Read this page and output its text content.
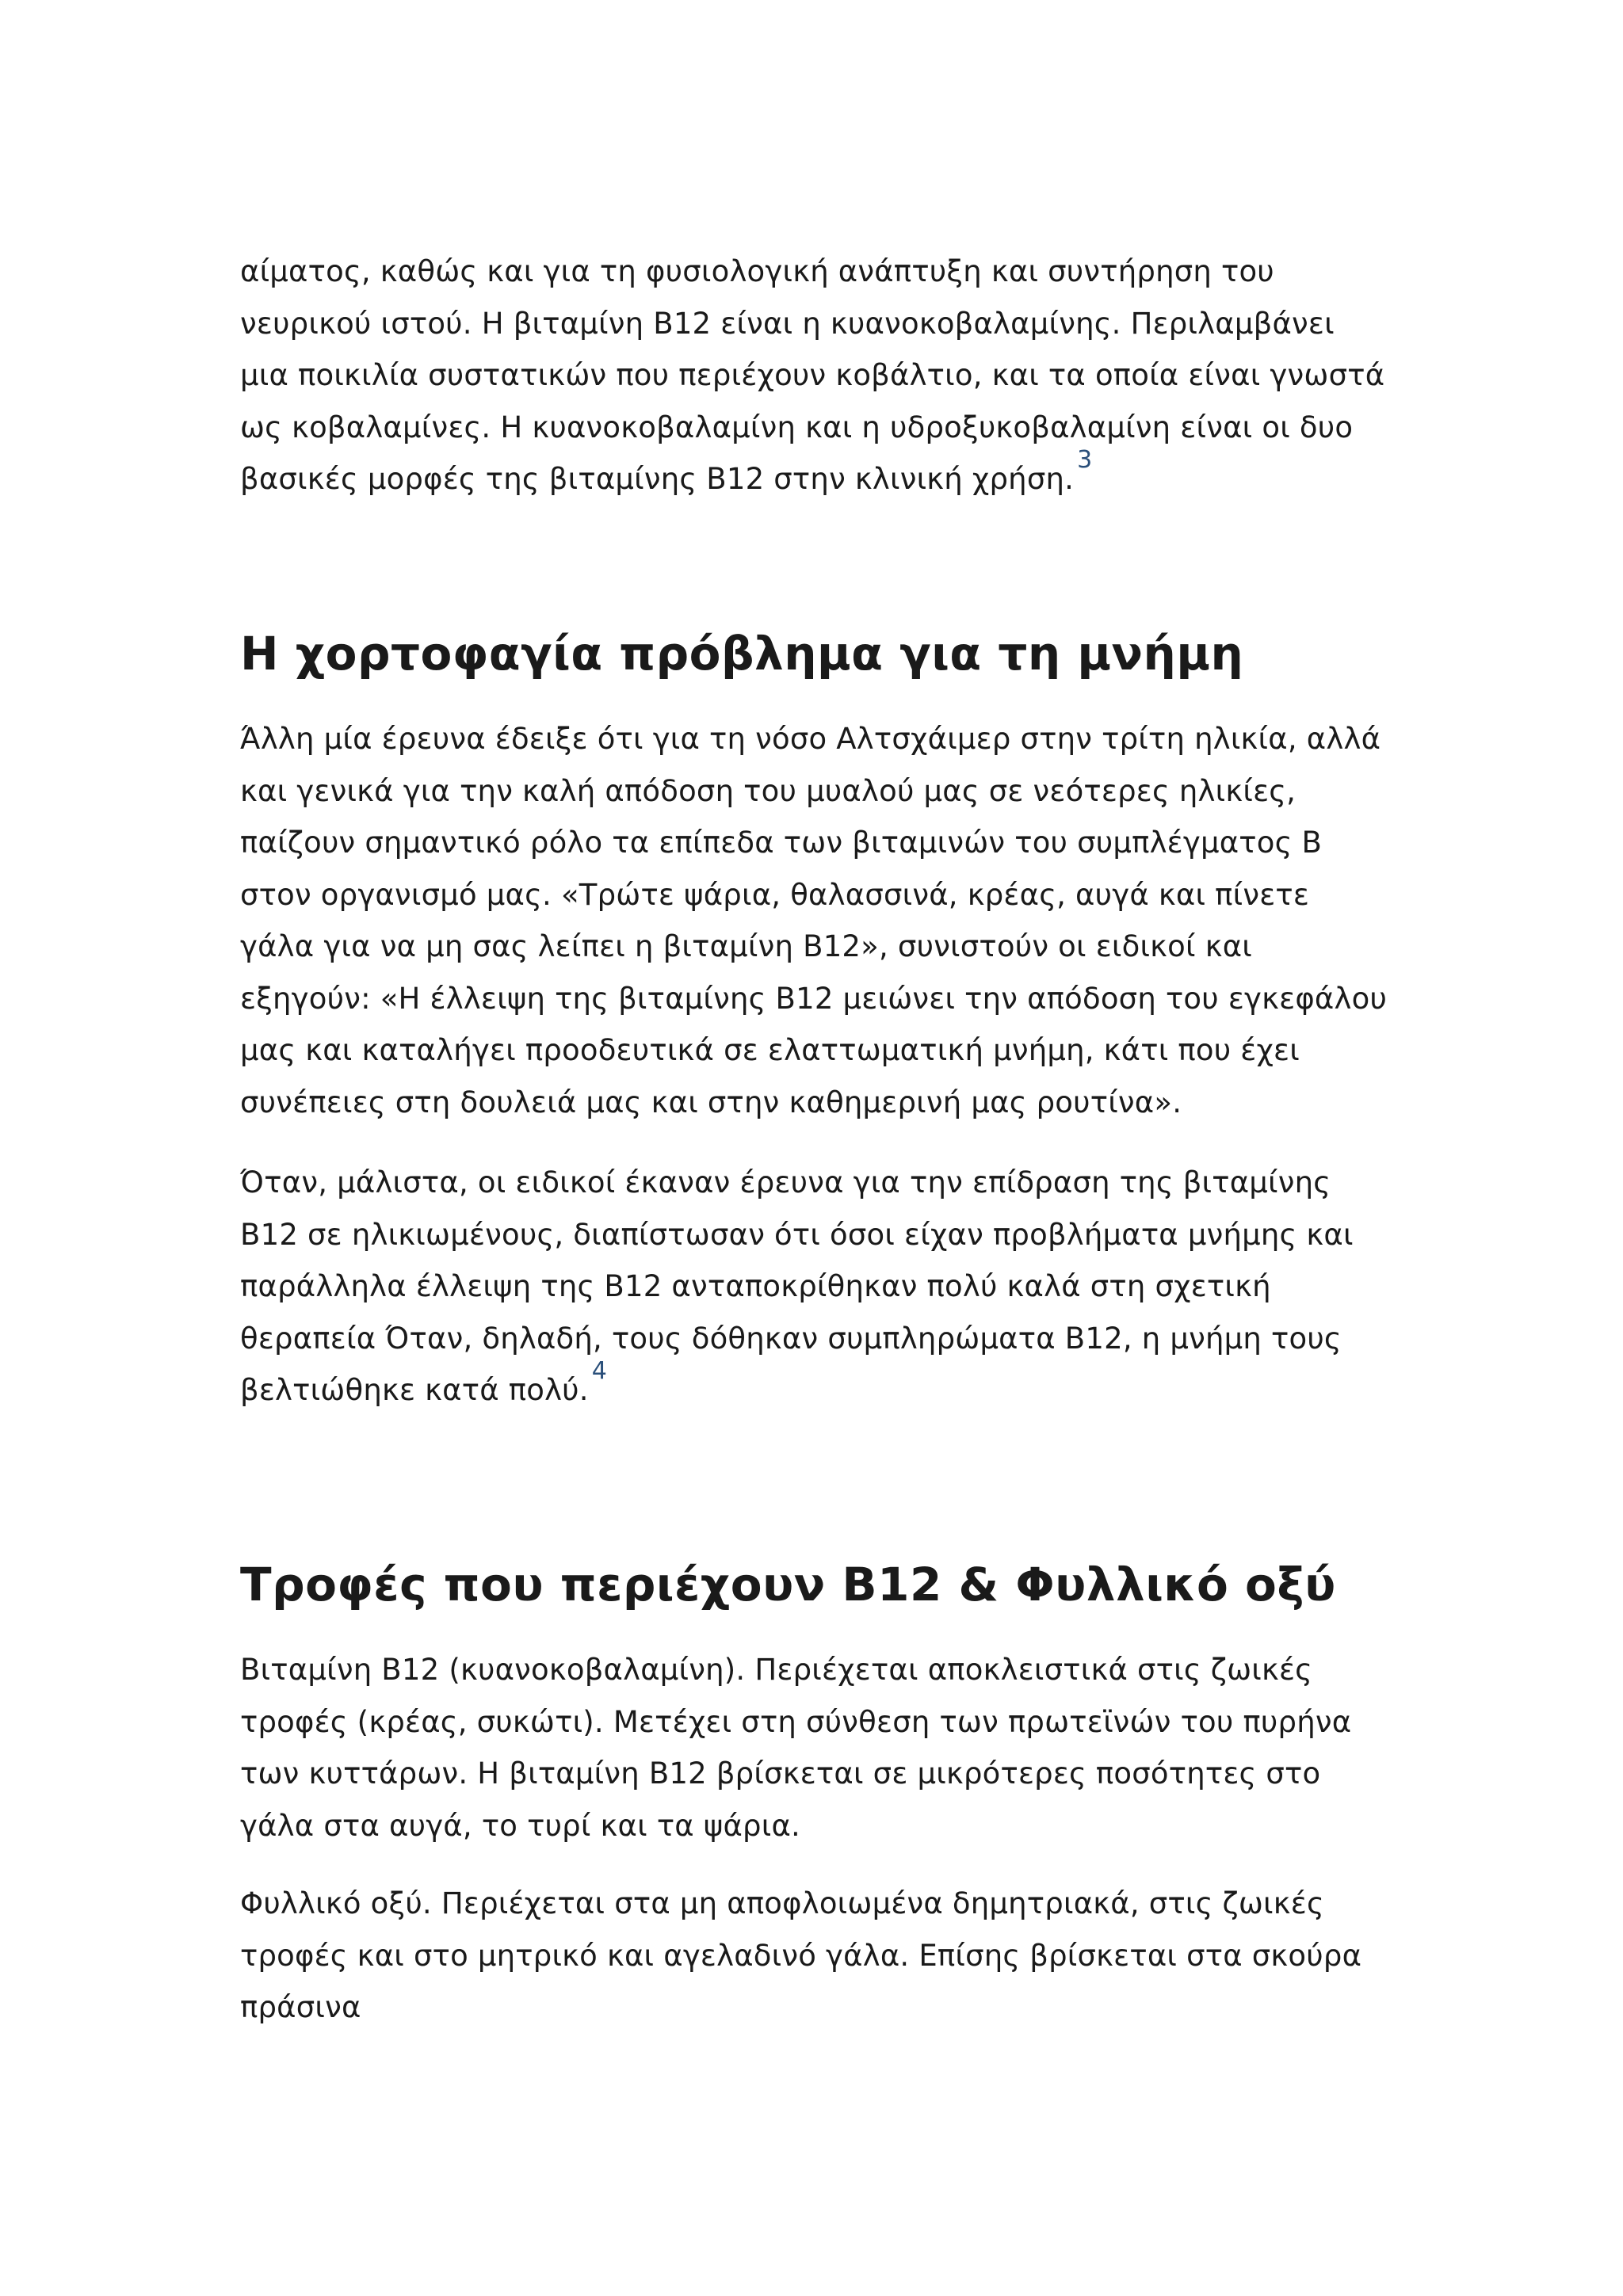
αίματος, καθώς και για τη φυσιολογική ανάπτυξη και συντήρηση του νευρικού ιστού. Η βιταμίνη B12 είναι η κυανοκοβαλαμίνης. Περιλαμβάνει μια ποικιλία συστατικών που περιέχουν κοβάλτιο, και τα οποία είναι γνωστά ως κοβαλαμίνες. Η κυανοκοβαλαμίνη και η υδροξυκοβαλαμίνη είναι οι δυο βασικές μορφές της βιταμίνης B12 στην κλινική χρήση.$^3$

Η χορτοφαγία πρόβλημα για τη μνήμη

Άλλη μία έρευνα έδειξε ότι για τη νόσο Αλτσχάιμερ στην τρίτη ηλικία, αλλά και γενικά για την καλή απόδοση του μυαλού μας σε νεότερες ηλικίες, παίζουν σημαντικό ρόλο τα επίπεδα των βιταμινών του συμπλέγματος B στον οργανισμό μας. «Τρώτε ψάρια, θαλασσινά, κρέας, αυγά και πίνετε γάλα για να μη σας λείπει η βιταμίνη B12», συνιστούν οι ειδικοί και εξηγούν: «Η έλλειψη της βιταμίνης B12 μειώνει την απόδοση του εγκεφάλου μας και καταλήγει προοδευτικά σε ελαττωματική μνήμη, κάτι που έχει συνέπειες στη δουλειά μας και στην καθημερινή μας ρουτίνα».

Όταν, μάλιστα, οι ειδικοί έκαναν έρευνα για την επίδραση της βιταμίνης B12 σε ηλικιωμένους, διαπίστωσαν ότι όσοι είχαν προβλήματα μνήμης και παράλληλα έλλειψη της B12 ανταποκρίθηκαν πολύ καλά στη σχετική θεραπεία Όταν, δηλαδή, τους δόθηκαν συμπληρώματα B12, η μνήμη τους βελτιώθηκε κατά πολύ.$^4$

Τροφές που περιέχουν B12 & Φυλλικό οξύ

Βιταμίνη B12 (κυανοκοβαλαμίνη). Περιέχεται αποκλειστικά στις ζωικές τροφές (κρέας, συκώτι). Μετέχει στη σύνθεση των πρωτεϊνών του πυρήνα των κυττάρων. Η βιταμίνη B12 βρίσκεται σε μικρότερες ποσότητες στο γάλα στα αυγά, το τυρί και τα ψάρια.

Φυλλικό οξύ. Περιέχεται στα μη αποφλοιωμένα δημητριακά, στις ζωικές τροφές και στο μητρικό και αγελαδινό γάλα. Επίσης βρίσκεται στα σκούρα πράσινα
